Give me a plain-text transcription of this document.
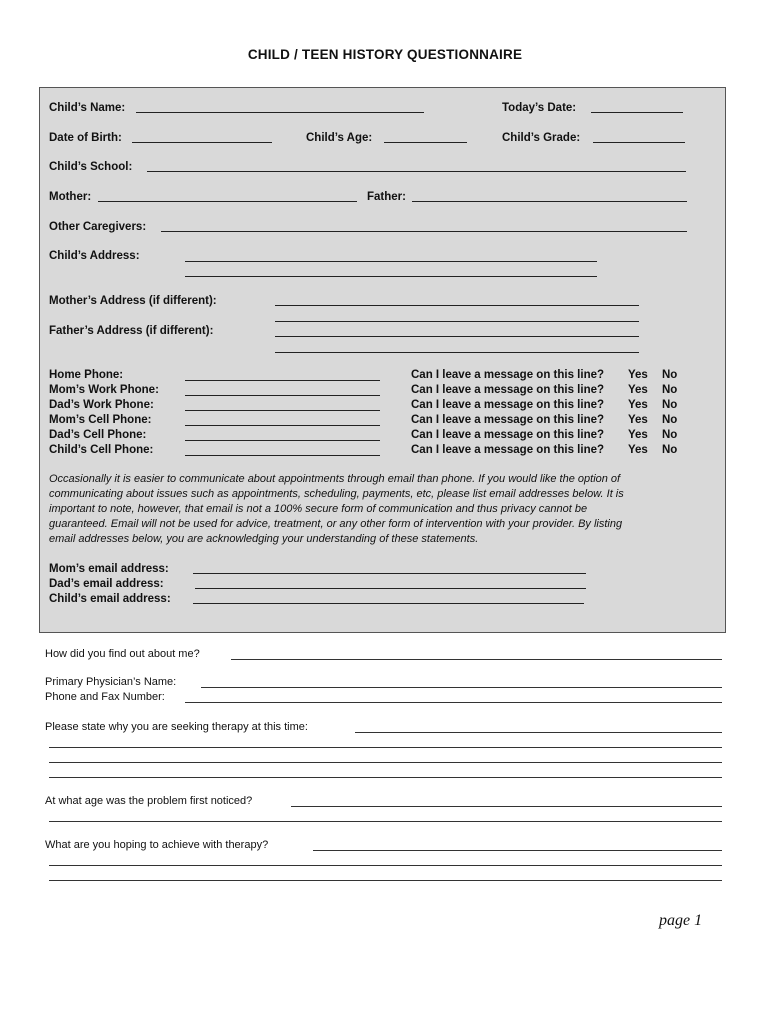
CHILD / TEEN HISTORY QUESTIONNAIRE
Child’s Name:	Today’s Date:
Date of Birth:	Child’s Age:	Child’s Grade:
Child’s School:
Mother:	Father:
Other Caregivers:
Child’s Address:
Mother’s Address (if different):
Father’s Address (if different):
Home Phone:	Can I leave a message on this line? Yes No
Mom’s Work Phone:	Can I leave a message on this line? Yes No
Dad’s Work Phone:	Can I leave a message on this line? Yes No
Mom’s Cell Phone:	Can I leave a message on this line? Yes No
Dad’s Cell Phone:	Can I leave a message on this line? Yes No
Child’s Cell Phone:	Can I leave a message on this line? Yes No
Occasionally it is easier to communicate about appointments through email than phone. If you would like the option of
communicating about issues such as appointments, scheduling, payments, etc, please list email addresses below. It is
important to note, however, that email is not a 100% secure form of communication and thus privacy cannot be
guaranteed. Email will not be used for advice, treatment, or any other form of intervention with your provider. By listing
email addresses below, you are acknowledging your understanding of these statements.
Mom’s email address:
Dad’s email address:
Child’s email address:
How did you find out about me?
Primary Physician’s Name:
Phone and Fax Number:
Please state why you are seeking therapy at this time:
At what age was the problem first noticed?
What are you hoping to achieve with therapy?
page 1
